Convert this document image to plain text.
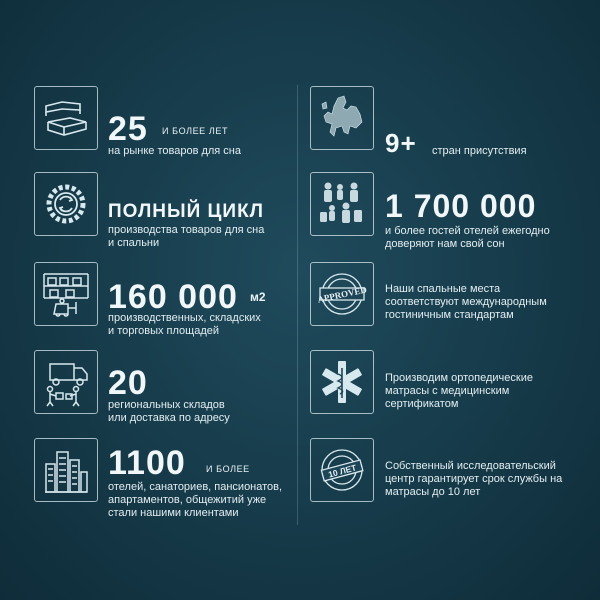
25 И БОЛЕЕ ЛЕТ
на рынке товаров для сна
ПОЛНЫЙ ЦИКЛ
производства товаров для сна
и спальни
160 000 м2
производственных, складских
и торговых площадей
20
региональных складов
или доставка по адресу
1100 И БОЛЕЕ
отелей, санаториев, пансионатов,
апартаментов, общежитий уже
стали нашими клиентами
9+ стран присутствия
1 700 000
и более гостей отелей ежегодно
доверяют нам свой сон
APPROVED Наши спальные места
соответствуют международным
гостиничным стандартам
Производим ортопедические
матрасы с медицинским
сертификатом
10 ЛЕТ	Собственный исследовательский
центр гарантирует срок службы на
матрасы до 10 лет
